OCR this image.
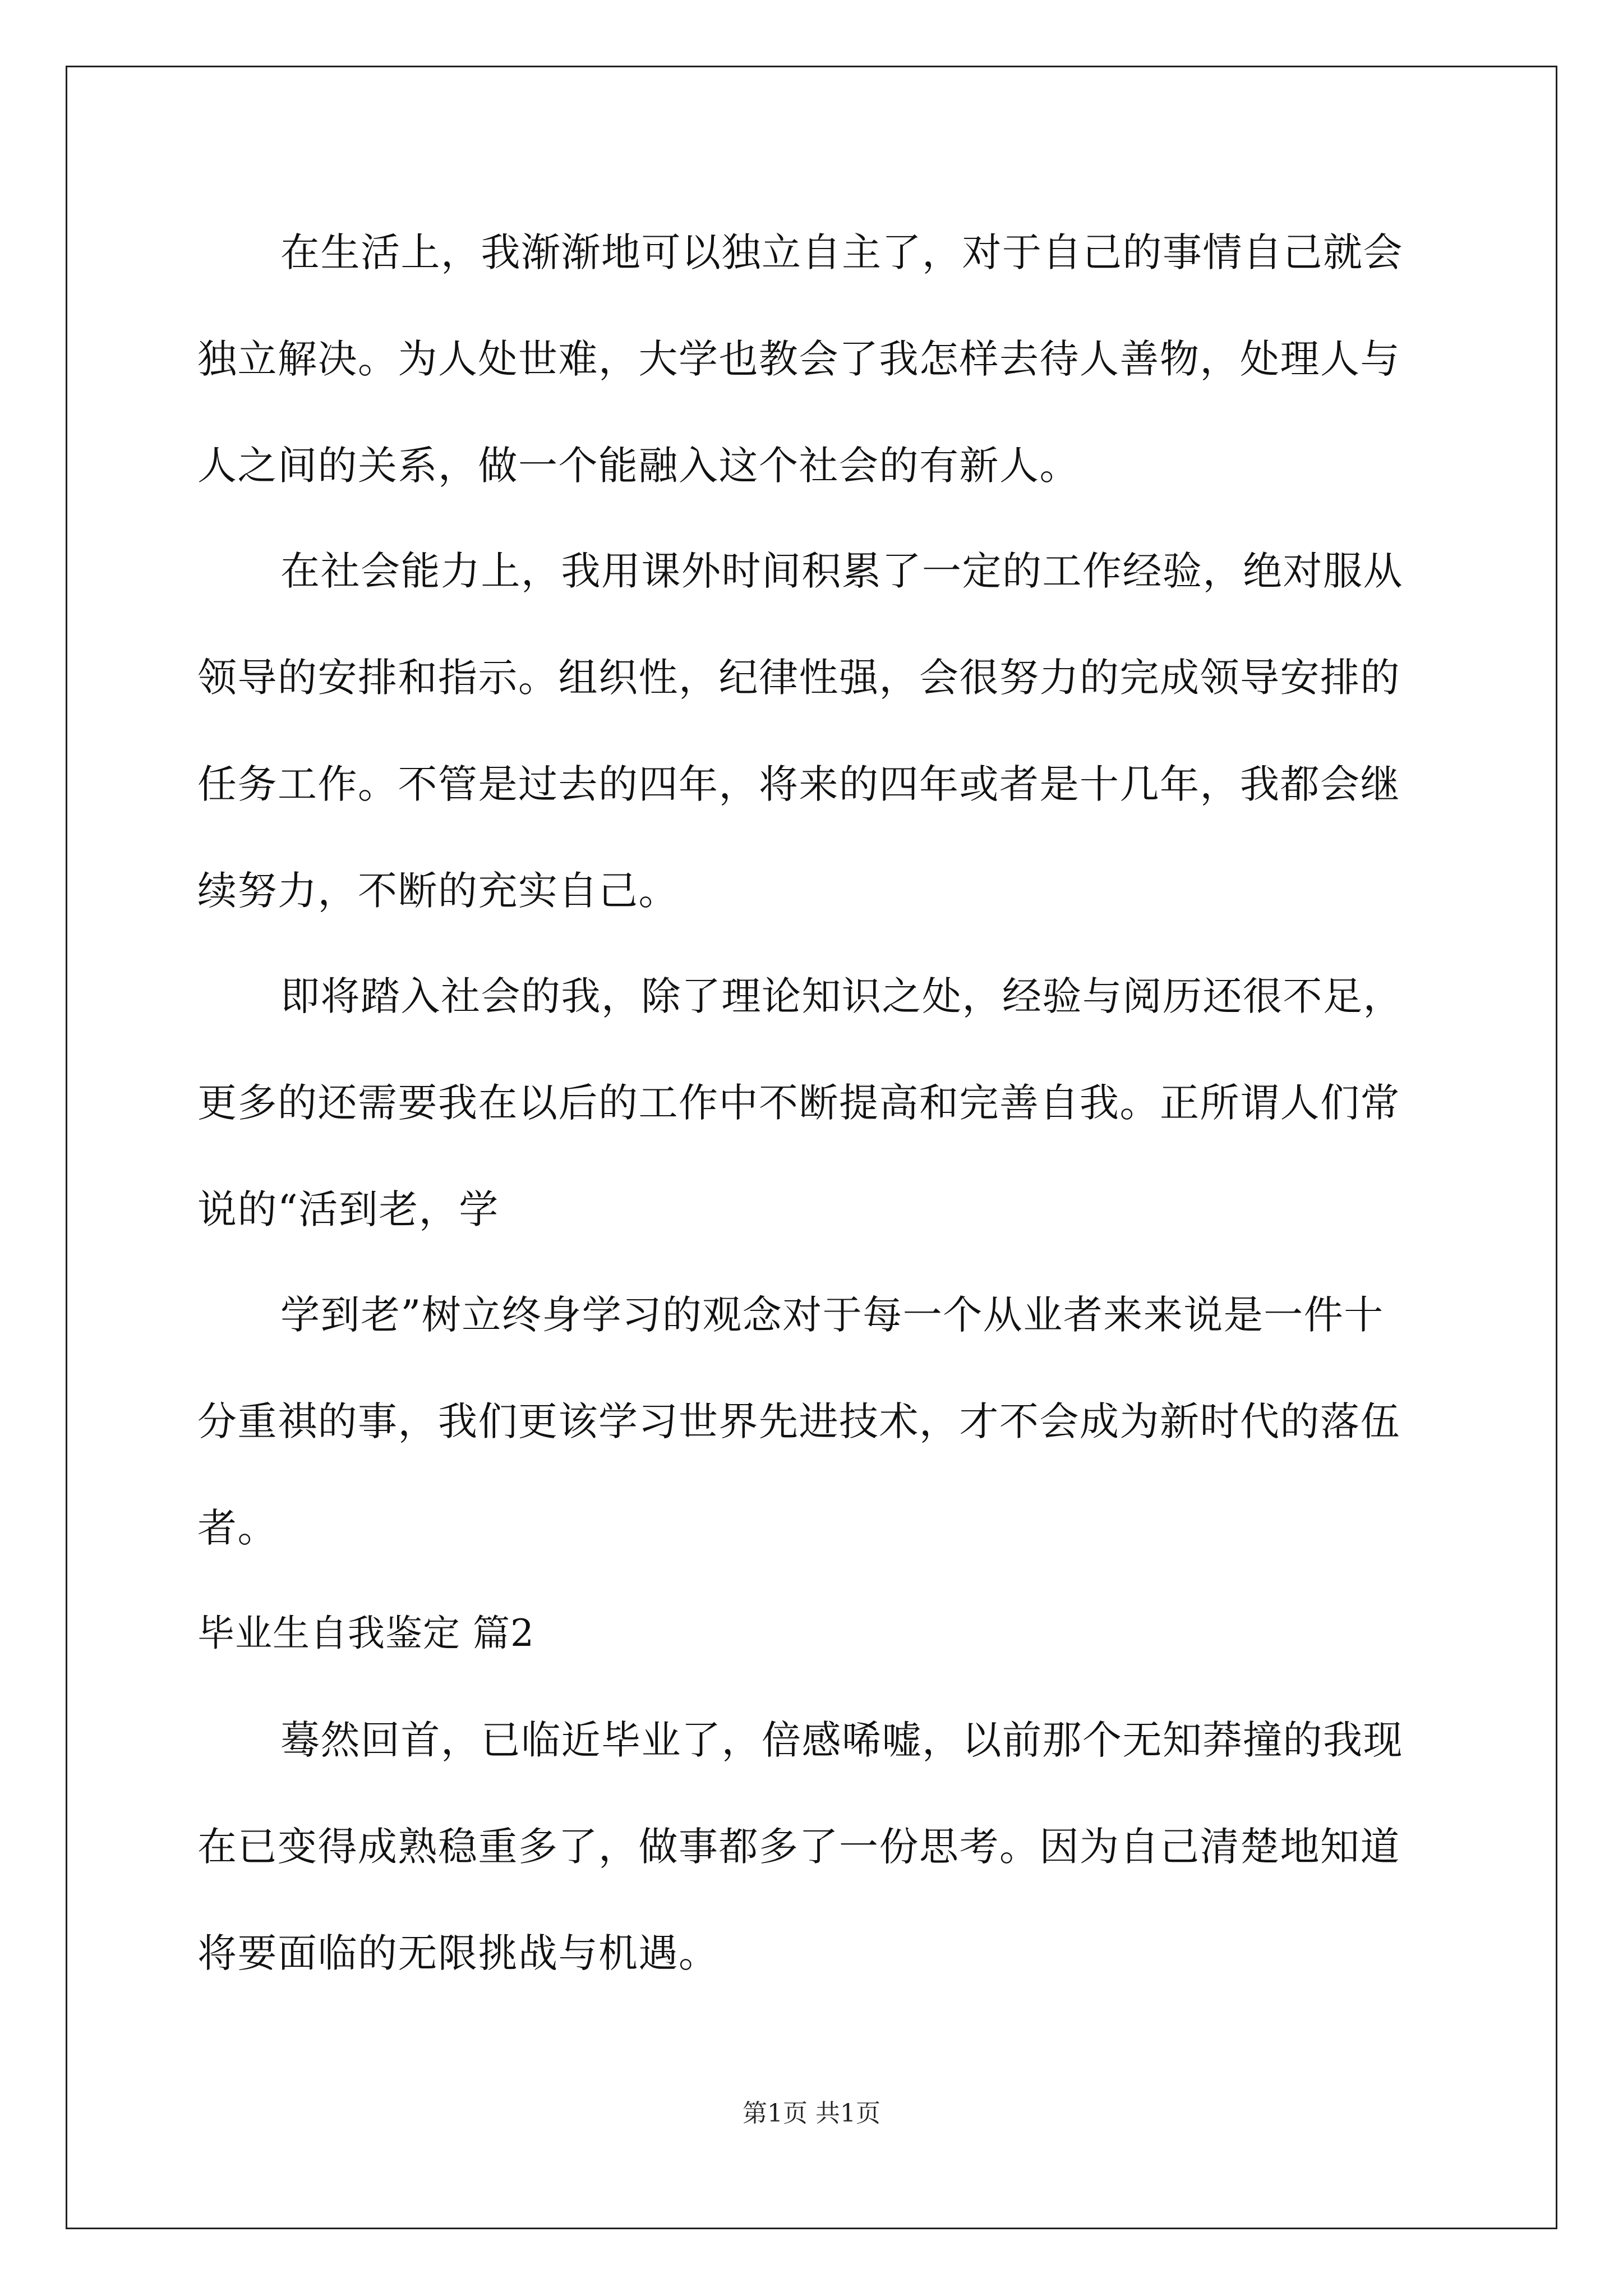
在生活上，我渐渐地可以独立自主了，对于自己的事情自己就会
独立解决。为人处世难，大学也教会了我怎样去待人善物，处理人与
人之间的关系，做一个能融入这个社会的有新人。
在社会能力上，我用课外时间积累了一定的工作经验，绝对服从
领导的安排和指示。组织性，纪律性强，会很努力的完成领导安排的
任务工作。不管是过去的四年，将来的四年或者是十几年，我都会继
续努力，不断的充实自己。
即将踏入社会的我，除了理论知识之处，经验与阅历还很不足，
更多的还需要我在以后的工作中不断提高和完善自我。正所谓人们常
说的“活到老，学
学到老”树立终身学习的观念对于每一个从业者来来说是一件十
分重祺的事，我们更该学习世界先进技术，才不会成为新时代的落伍
者。
毕业生自我鉴定 篇2
蓦然回首，已临近毕业了，倍感唏嘘，以前那个无知莽撞的我现
在已变得成熟稳重多了，做事都多了一份思考。因为自己清楚地知道
将要面临的无限挑战与机遇。
第1页 共1页
